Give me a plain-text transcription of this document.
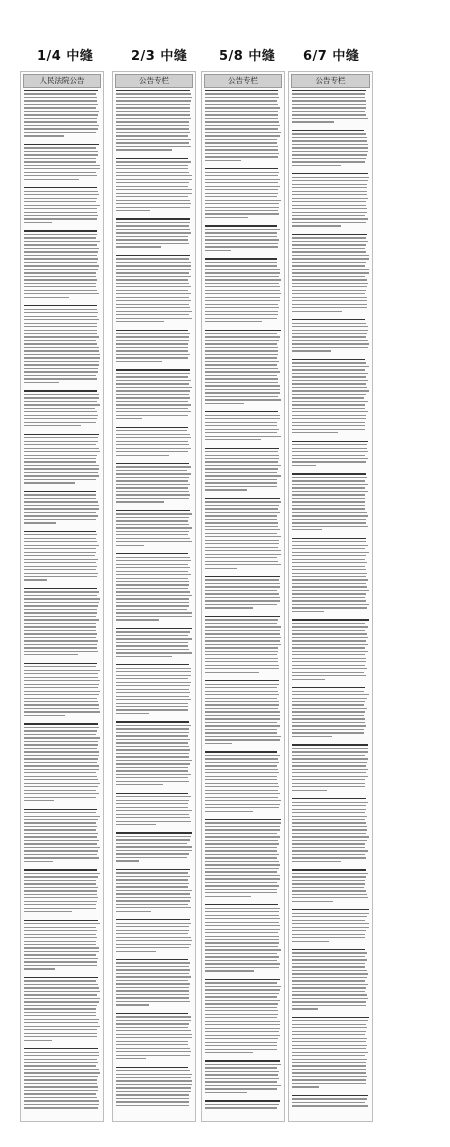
1/4 中缝	2/3 中缝 5/8 中缝 6/7 中缝
人民法院公告	公告专栏	公告专栏	公告专栏
